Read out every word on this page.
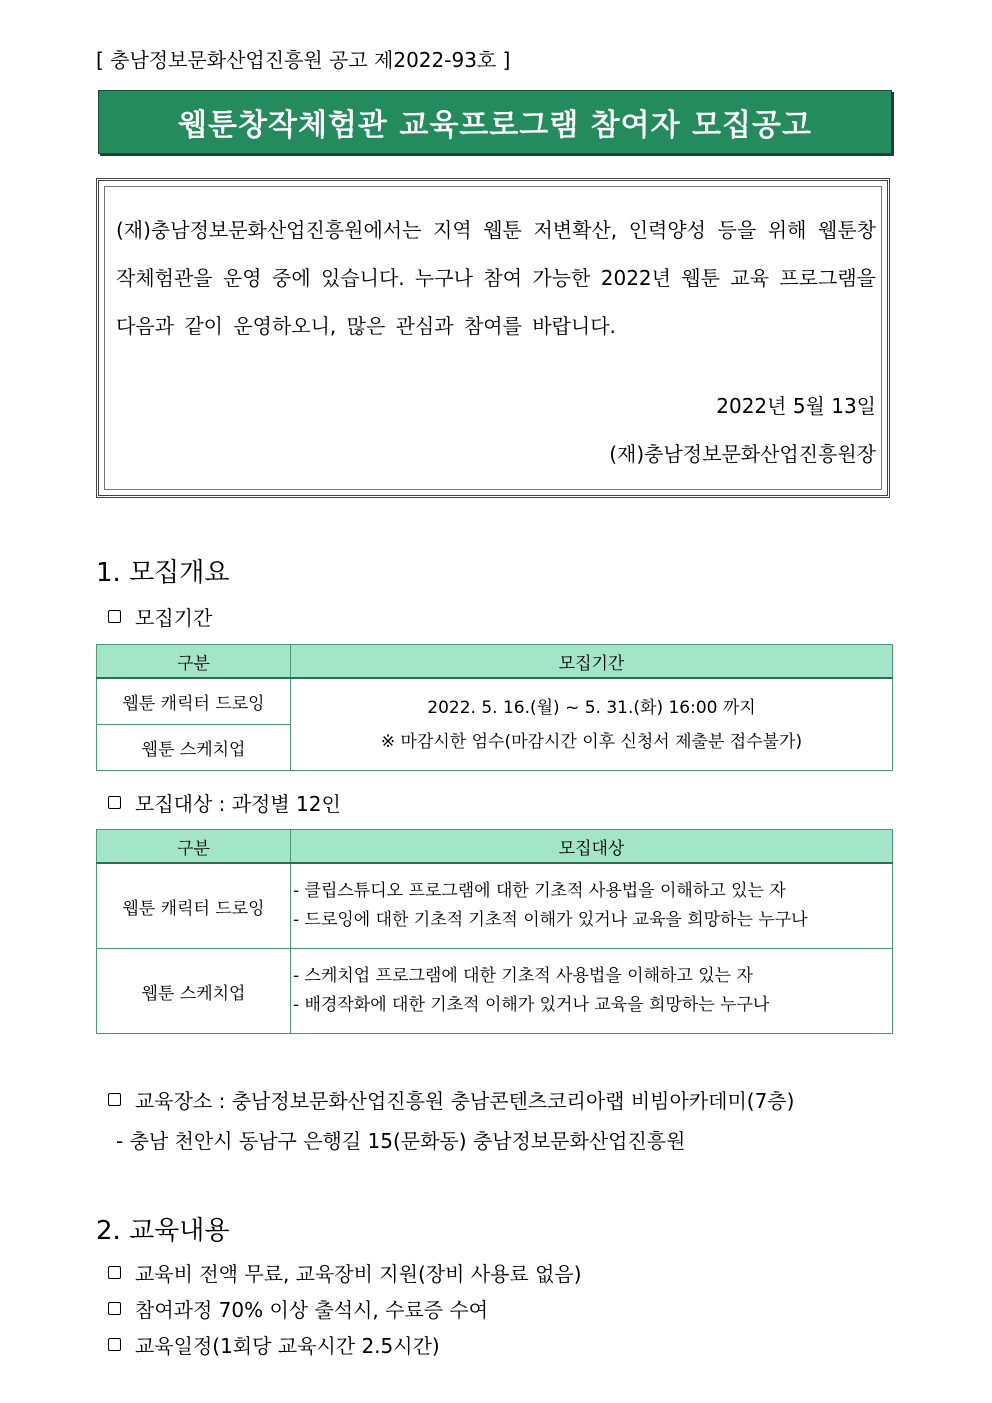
[ 충남정보문화산업진흥원 공고 제2022-93호 ]
웹툰창작체험관 교육프로그램 참여자 모집공고
(재)충남정보문화산업진흥원에서는 지역 웹툰 저변확산, 인력양성 등을 위해 웹툰창작체험관을 운영 중에 있습니다. 누구나 참여 가능한 2022년 웹툰 교육 프로그램을 다음과 같이 운영하오니, 많은 관심과 참여를 바랍니다.
2022년 5월 13일
(재)충남정보문화산업진흥원장
1. 모집개요
모집기간
구분	모집기간
웹툰 캐릭터 드로잉	2022. 5. 16.(월) ~ 5. 31.(화) 16:00 까지
※ 마감시한 엄수(마감시간 이후 신청서 제출분 접수불가)

웹툰 스케치업	
모집대상 : 과정별 12인
구분	모집대상
웹툰 캐릭터 드로잉	- 클립스튜디오 프로그램에 대한 기초적 사용법을 이해하고 있는 자
- 드로잉에 대한 기초적 기초적 이해가 있거나 교육을 희망하는 누구나

웹툰 스케치업	- 스케치업 프로그램에 대한 기초적 사용법을 이해하고 있는 자
- 배경작화에 대한 기초적 이해가 있거나 교육을 희망하는 누구나
교육장소 : 충남정보문화산업진흥원 충남콘텐츠코리아랩 비빔아카데미(7층)
- 충남 천안시 동남구 은행길 15(문화동) 충남정보문화산업진흥원
2. 교육내용
교육비 전액 무료, 교육장비 지원(장비 사용료 없음)
참여과정 70% 이상 출석시, 수료증 수여
교육일정(1회당 교육시간 2.5시간)
